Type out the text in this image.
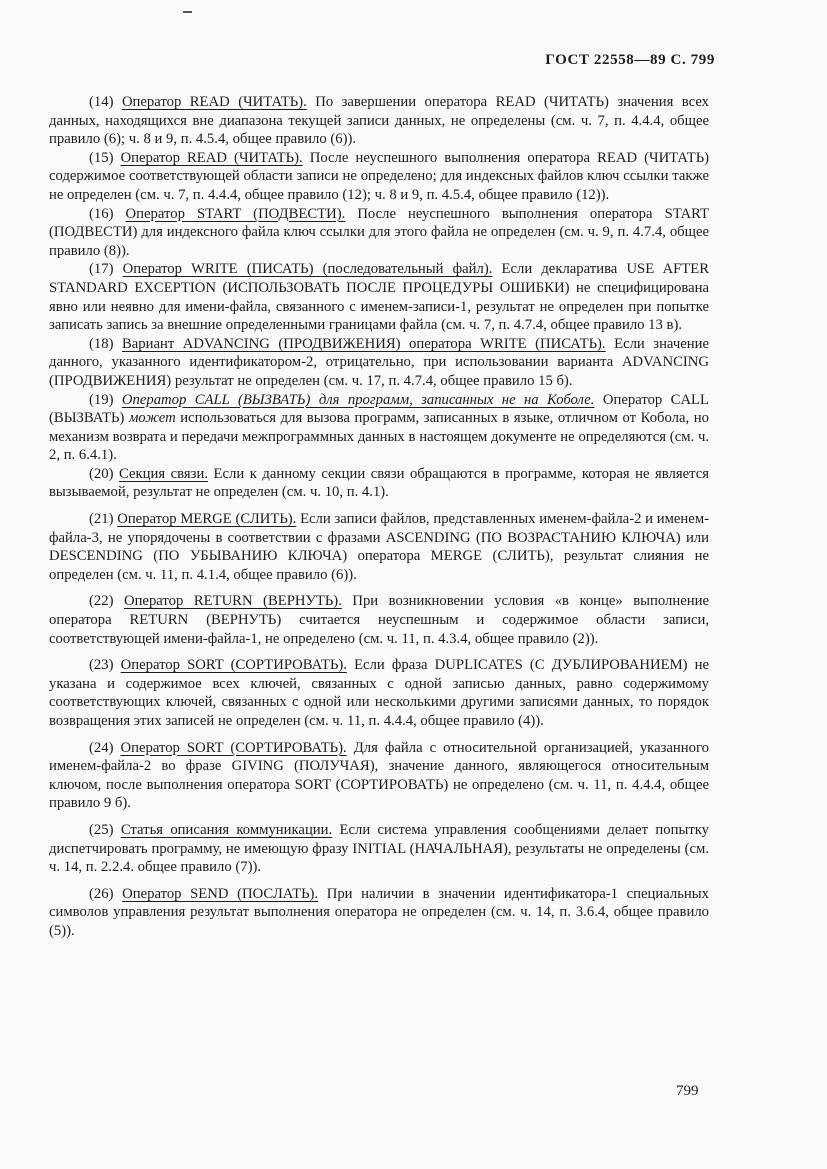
ГОСТ 22558—89 С. 799

(14) Оператор READ (ЧИТАТЬ). По завершении оператора READ (ЧИТАТЬ) значения всех данных, находящихся вне диапазона текущей записи данных, не определены (см. ч. 7, п. 4.4.4, общее правило (6); ч. 8 и 9, п. 4.5.4, общее правило (6)).

(15) Оператор READ (ЧИТАТЬ). После неуспешного выполнения оператора READ (ЧИТАТЬ) содержимое соответствующей области записи не определено; для индексных файлов ключ ссылки также не определен (см. ч. 7, п. 4.4.4, общее правило (12); ч. 8 и 9, п. 4.5.4, общее правило (12)).

(16) Оператор START (ПОДВЕСТИ). После неуспешного выполнения оператора START (ПОДВЕСТИ) для индексного файла ключ ссылки для этого файла не определен (см. ч. 9, п. 4.7.4, общее правило (8)).

(17) Оператор WRITE (ПИСАТЬ) (последовательный файл). Если декларатива USE AFTER STANDARD EXCEPTION (ИСПОЛЬЗОВАТЬ ПОСЛЕ ПРОЦЕДУРЫ ОШИБКИ) не специфицирована явно или неявно для имени-файла, связанного с именем-записи-1, результат не определен при попытке записать запись за внешние определенными границами файла (см. ч. 7, п. 4.7.4, общее правило 13 в).

(18) Вариант ADVANCING (ПРОДВИЖЕНИЯ) оператора WRITE (ПИСАТЬ). Если значение данного, указанного идентификатором-2, отрицательно, при использовании варианта ADVANCING (ПРОДВИЖЕНИЯ) результат не определен (см. ч. 17, п. 4.7.4, общее правило 15 б).

(19) Оператор CALL (ВЫЗВАТЬ) для программ, записанных не на Коболе. Оператор CALL (ВЫЗВАТЬ) может использоваться для вызова программ, записанных в языке, отличном от Кобола, но механизм возврата и передачи межпрограммных данных в настоящем документе не определяются (см. ч. 2, п. 6.4.1).

(20) Секция связи. Если к данному секции связи обращаются в программе, которая не является вызываемой, результат не определен (см. ч. 10, п. 4.1).

(21) Оператор MERGE (СЛИТЬ). Если записи файлов, представленных именем-файла-2 и именем-файла-3, не упорядочены в соответствии с фразами ASCENDING (ПО ВОЗРАСТАНИЮ КЛЮЧА) или DESCENDING (ПО УБЫВАНИЮ КЛЮЧА) оператора MERGE (СЛИТЬ), результат слияния не определен (см. ч. 11, п. 4.1.4, общее правило (6)).

(22) Оператор RETURN (ВЕРНУТЬ). При возникновении условия «в конце» выполнение оператора RETURN (ВЕРНУТЬ) считается неуспешным и содержимое области записи, соответствующей имени-файла-1, не определено (см. ч. 11, п. 4.3.4, общее правило (2)).

(23) Оператор SORT (СОРТИРОВАТЬ). Если фраза DUPLICATES (С ДУБЛИРОВАНИЕМ) не указана и содержимое всех ключей, связанных с одной записью данных, равно содержимому соответствующих ключей, связанных с одной или несколькими другими записями данных, то порядок возвращения этих записей не определен (см. ч. 11, п. 4.4.4, общее правило (4)).

(24) Оператор SORT (СОРТИРОВАТЬ). Для файла с относительной организацией, указанного именем-файла-2 во фразе GIVING (ПОЛУЧАЯ), значение данного, являющегося относительным ключом, после выполнения оператора SORT (СОРТИРОВАТЬ) не определено (см. ч. 11, п. 4.4.4, общее правило 9 б).

(25) Статья описания коммуникации. Если система управления сообщениями делает попытку диспетчировать программу, не имеющую фразу INITIAL (НАЧАЛЬНАЯ), результаты не определены (см. ч. 14, п. 2.2.4. общее правило (7)).

(26) Оператор SEND (ПОСЛАТЬ). При наличии в значении идентификатора-1 специальных символов управления результат выполнения оператора не определен (см. ч. 14, п. 3.6.4, общее правило (5)).

799
